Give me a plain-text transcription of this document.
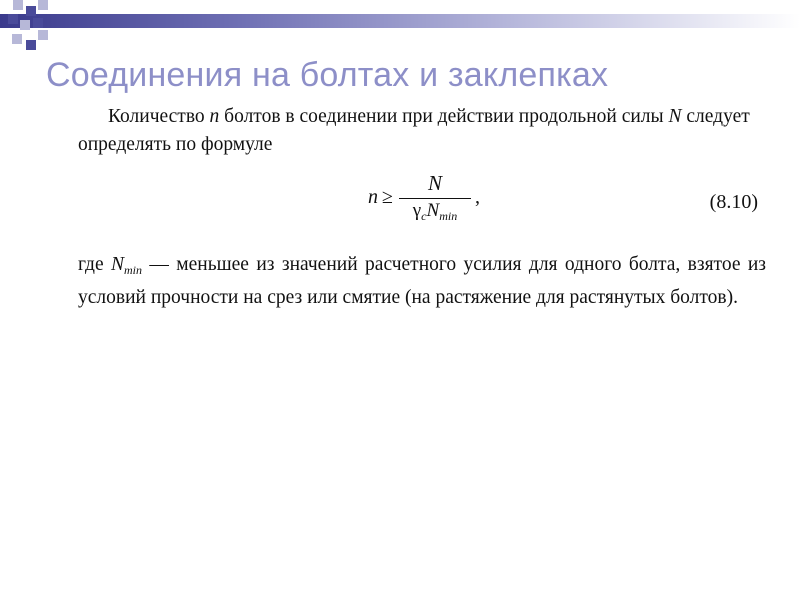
Соединения на болтах и заклепках

Количество n болтов в соединении при действии продольной силы N следует определять по формуле

$n \ge \frac{N}{\gamma_cN_{min}}$ ,	(8.10)

где $N_{min}$ — меньшее из значений расчетного усилия для одного болта, взятое из условий прочности на срез или смятие (на растяжение для растянутых болтов).
